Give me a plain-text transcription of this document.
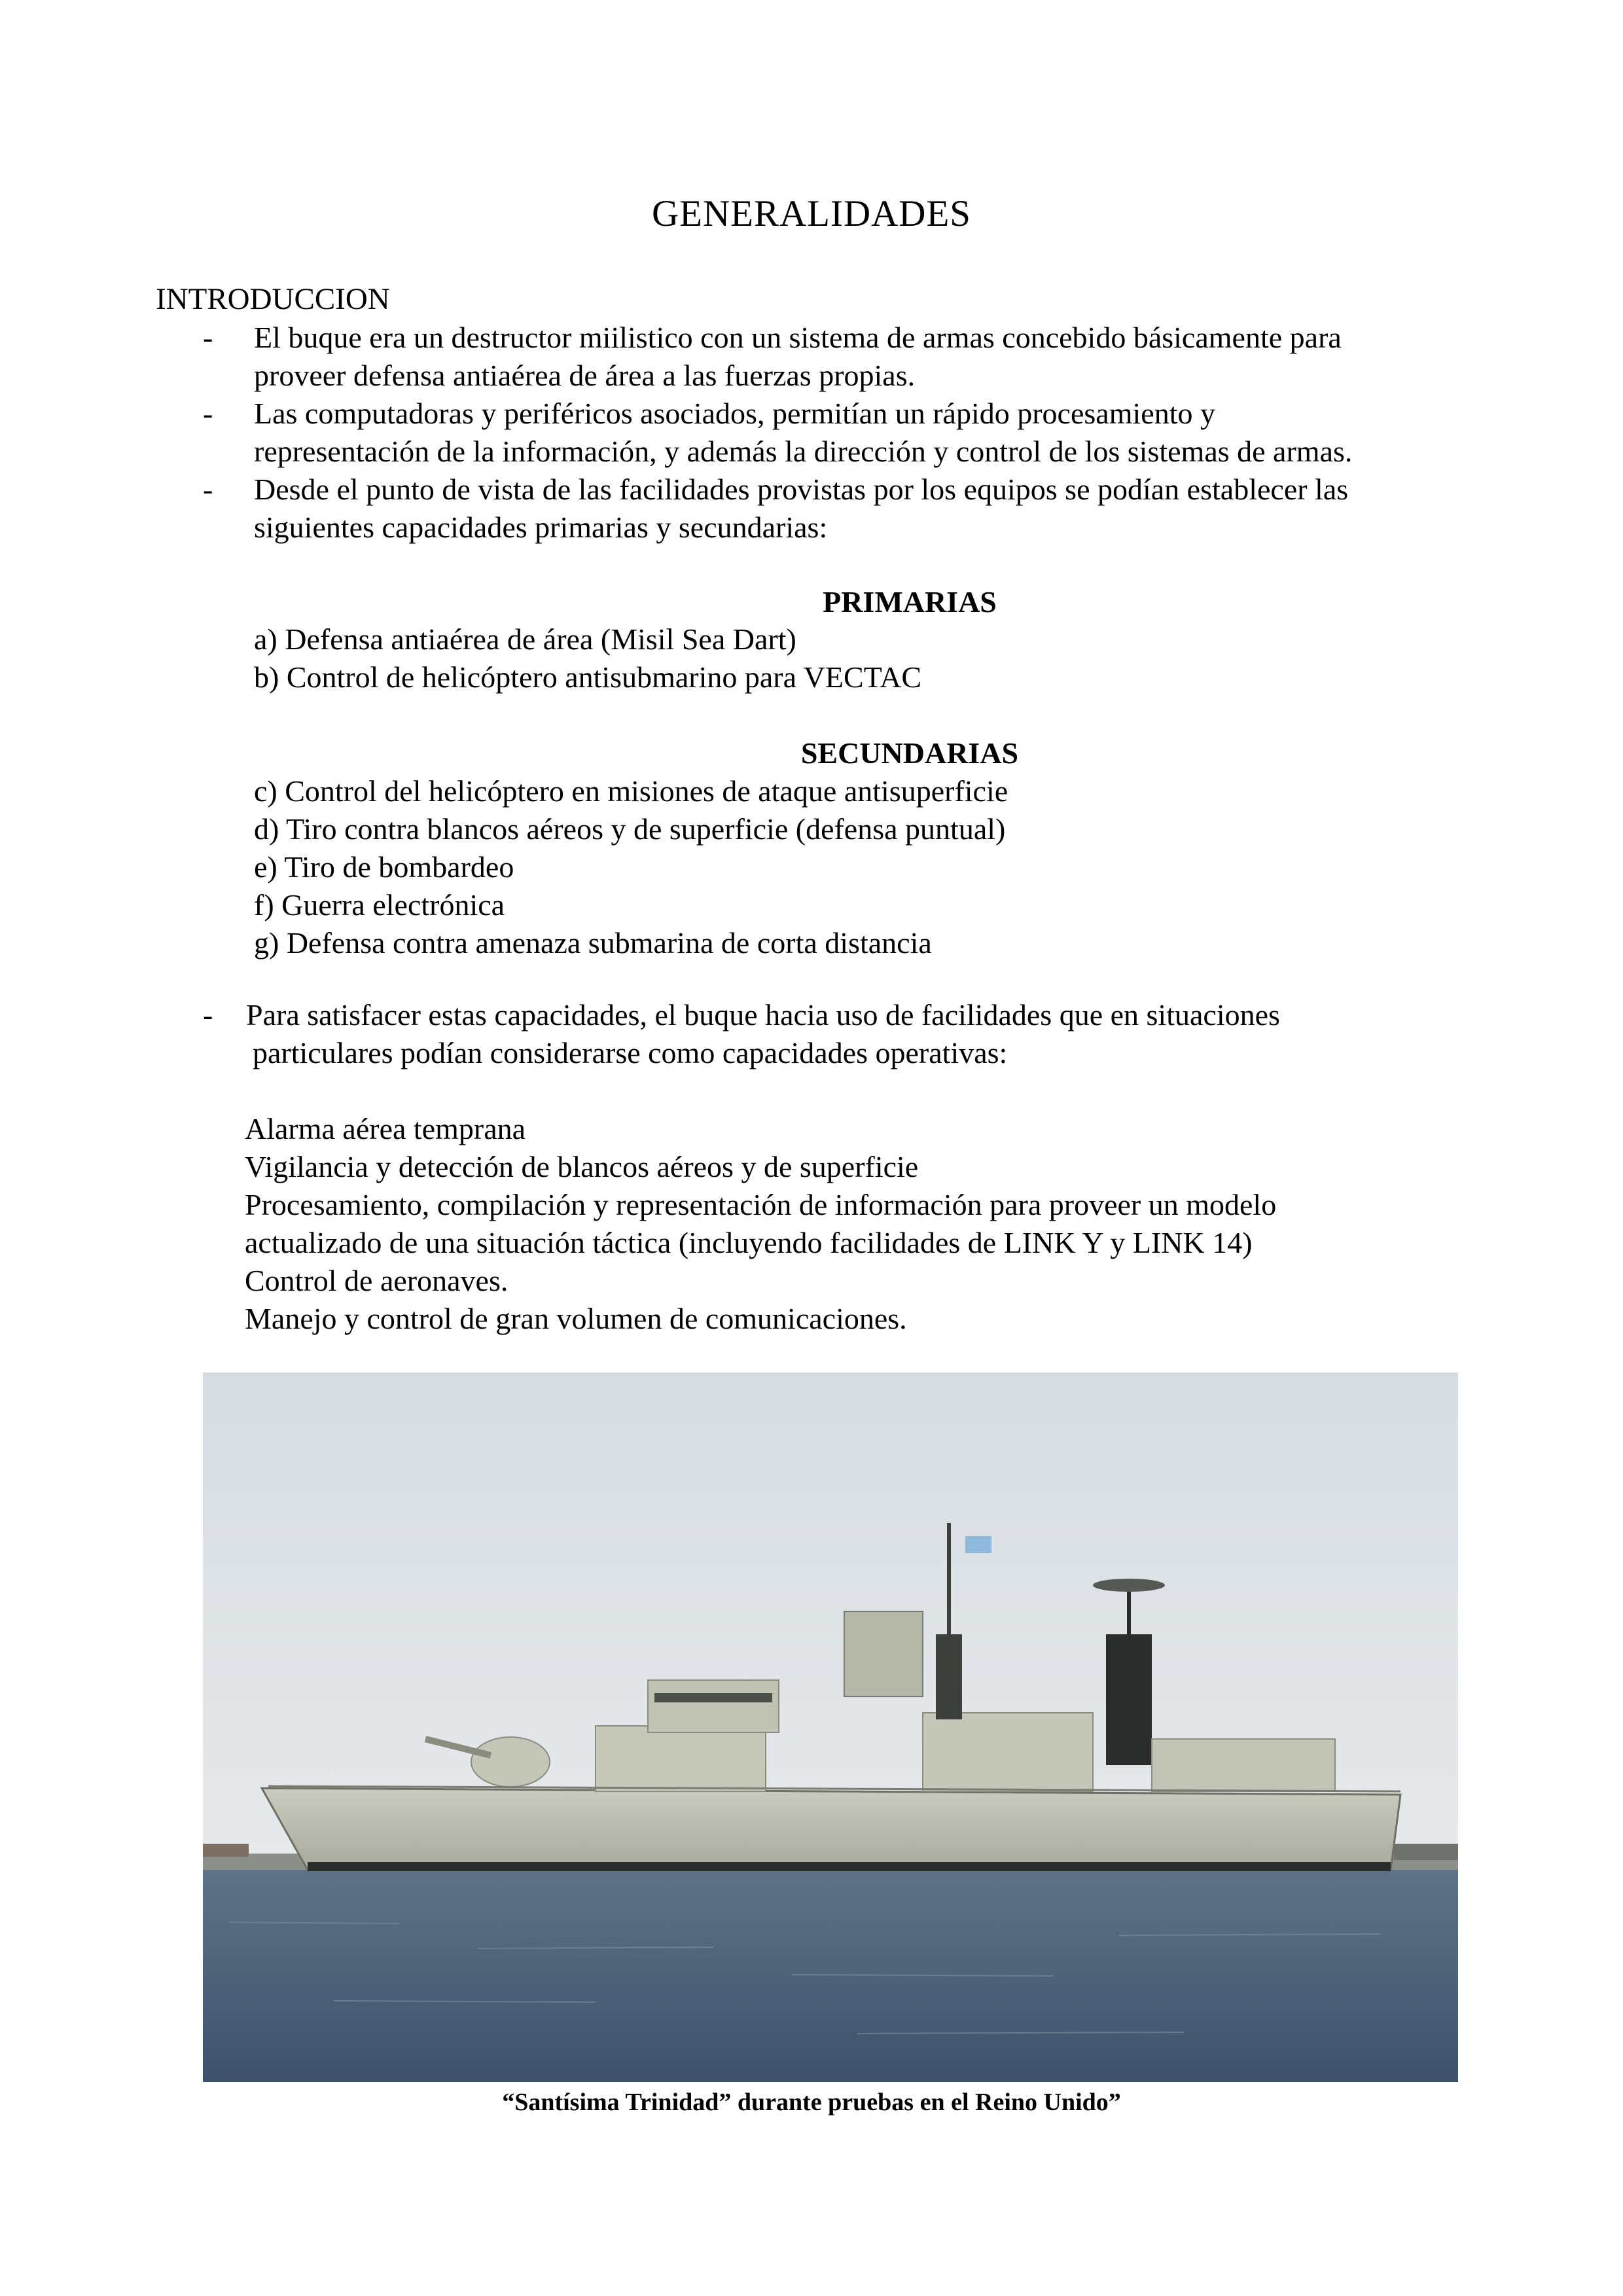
GENERALIDADES
INTRODUCCION
- El buque era un destructor miilistico con un sistema de armas concebido básicamente para
proveer defensa antiaérea de área a las fuerzas propias.
- Las computadoras y periféricos asociados, permitían un rápido procesamiento y
representación de la información, y además la dirección y control de los sistemas de armas.
- Desde el punto de vista de las facilidades provistas por los equipos se podían establecer las
siguientes capacidades primarias y secundarias:
PRIMARIAS
a) Defensa antiaérea de área (Misil Sea Dart)
b) Control de helicóptero antisubmarino para VECTAC
SECUNDARIAS
c) Control del helicóptero en misiones de ataque antisuperficie
d) Tiro contra blancos aéreos y de superficie (defensa puntual)
e) Tiro de bombardeo
f) Guerra electrónica
g) Defensa contra amenaza submarina de corta distancia
- Para satisfacer estas capacidades, el buque hacia uso de facilidades que en situaciones
particulares podían considerarse como capacidades operativas:
Alarma aérea temprana
Vigilancia y detección de blancos aéreos y de superficie
Procesamiento, compilación y representación de información para proveer un modelo
actualizado de una situación táctica (incluyendo facilidades de LINK Y y LINK 14)
Control de aeronaves.
Manejo y control de gran volumen de comunicaciones.
“Santísima Trinidad” durante pruebas en el Reino Unido”
